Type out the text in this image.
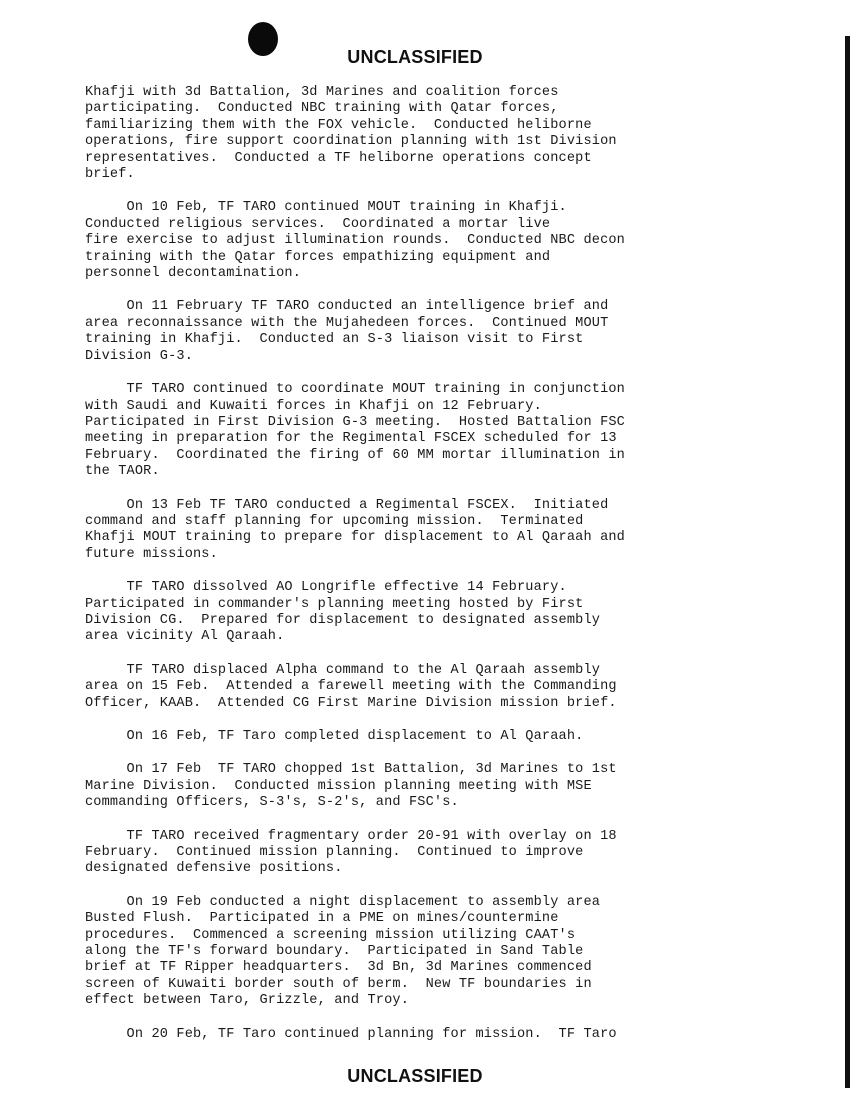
UNCLASSIFIED

Khafji with 3d Battalion, 3d Marines and coalition forces
participating.  Conducted NBC training with Qatar forces,
familiarizing them with the FOX vehicle.  Conducted heliborne
operations, fire support coordination planning with 1st Division
representatives.  Conducted a TF heliborne operations concept
brief.

On 10 Feb, TF TARO continued MOUT training in Khafji.
Conducted religious services.  Coordinated a mortar live
fire exercise to adjust illumination rounds.  Conducted NBC decon
training with the Qatar forces empathizing equipment and
personnel decontamination.

On 11 February TF TARO conducted an intelligence brief and
area reconnaissance with the Mujahedeen forces.  Continued MOUT
training in Khafji.  Conducted an S-3 liaison visit to First
Division G-3.

TF TARO continued to coordinate MOUT training in conjunction
with Saudi and Kuwaiti forces in Khafji on 12 February.
Participated in First Division G-3 meeting.  Hosted Battalion FSC
meeting in preparation for the Regimental FSCEX scheduled for 13
February.  Coordinated the firing of 60 MM mortar illumination in
the TAOR.

On 13 Feb TF TARO conducted a Regimental FSCEX.  Initiated
command and staff planning for upcoming mission.  Terminated
Khafji MOUT training to prepare for displacement to Al Qaraah and
future missions.

TF TARO dissolved AO Longrifle effective 14 February.
Participated in commander's planning meeting hosted by First
Division CG.  Prepared for displacement to designated assembly
area vicinity Al Qaraah.

TF TARO displaced Alpha command to the Al Qaraah assembly
area on 15 Feb.  Attended a farewell meeting with the Commanding
Officer, KAAB.  Attended CG First Marine Division mission brief.

On 16 Feb, TF Taro completed displacement to Al Qaraah.

On 17 Feb  TF TARO chopped 1st Battalion, 3d Marines to 1st
Marine Division.  Conducted mission planning meeting with MSE
commanding Officers, S-3's, S-2's, and FSC's.

TF TARO received fragmentary order 20-91 with overlay on 18
February.  Continued mission planning.  Continued to improve
designated defensive positions.

On 19 Feb conducted a night displacement to assembly area
Busted Flush.  Participated in a PME on mines/countermine
procedures.  Commenced a screening mission utilizing CAAT's
along the TF's forward boundary.  Participated in Sand Table
brief at TF Ripper headquarters.  3d Bn, 3d Marines commenced
screen of Kuwaiti border south of berm.  New TF boundaries in
effect between Taro, Grizzle, and Troy.

On 20 Feb, TF Taro continued planning for mission.  TF Taro

UNCLASSIFIED
